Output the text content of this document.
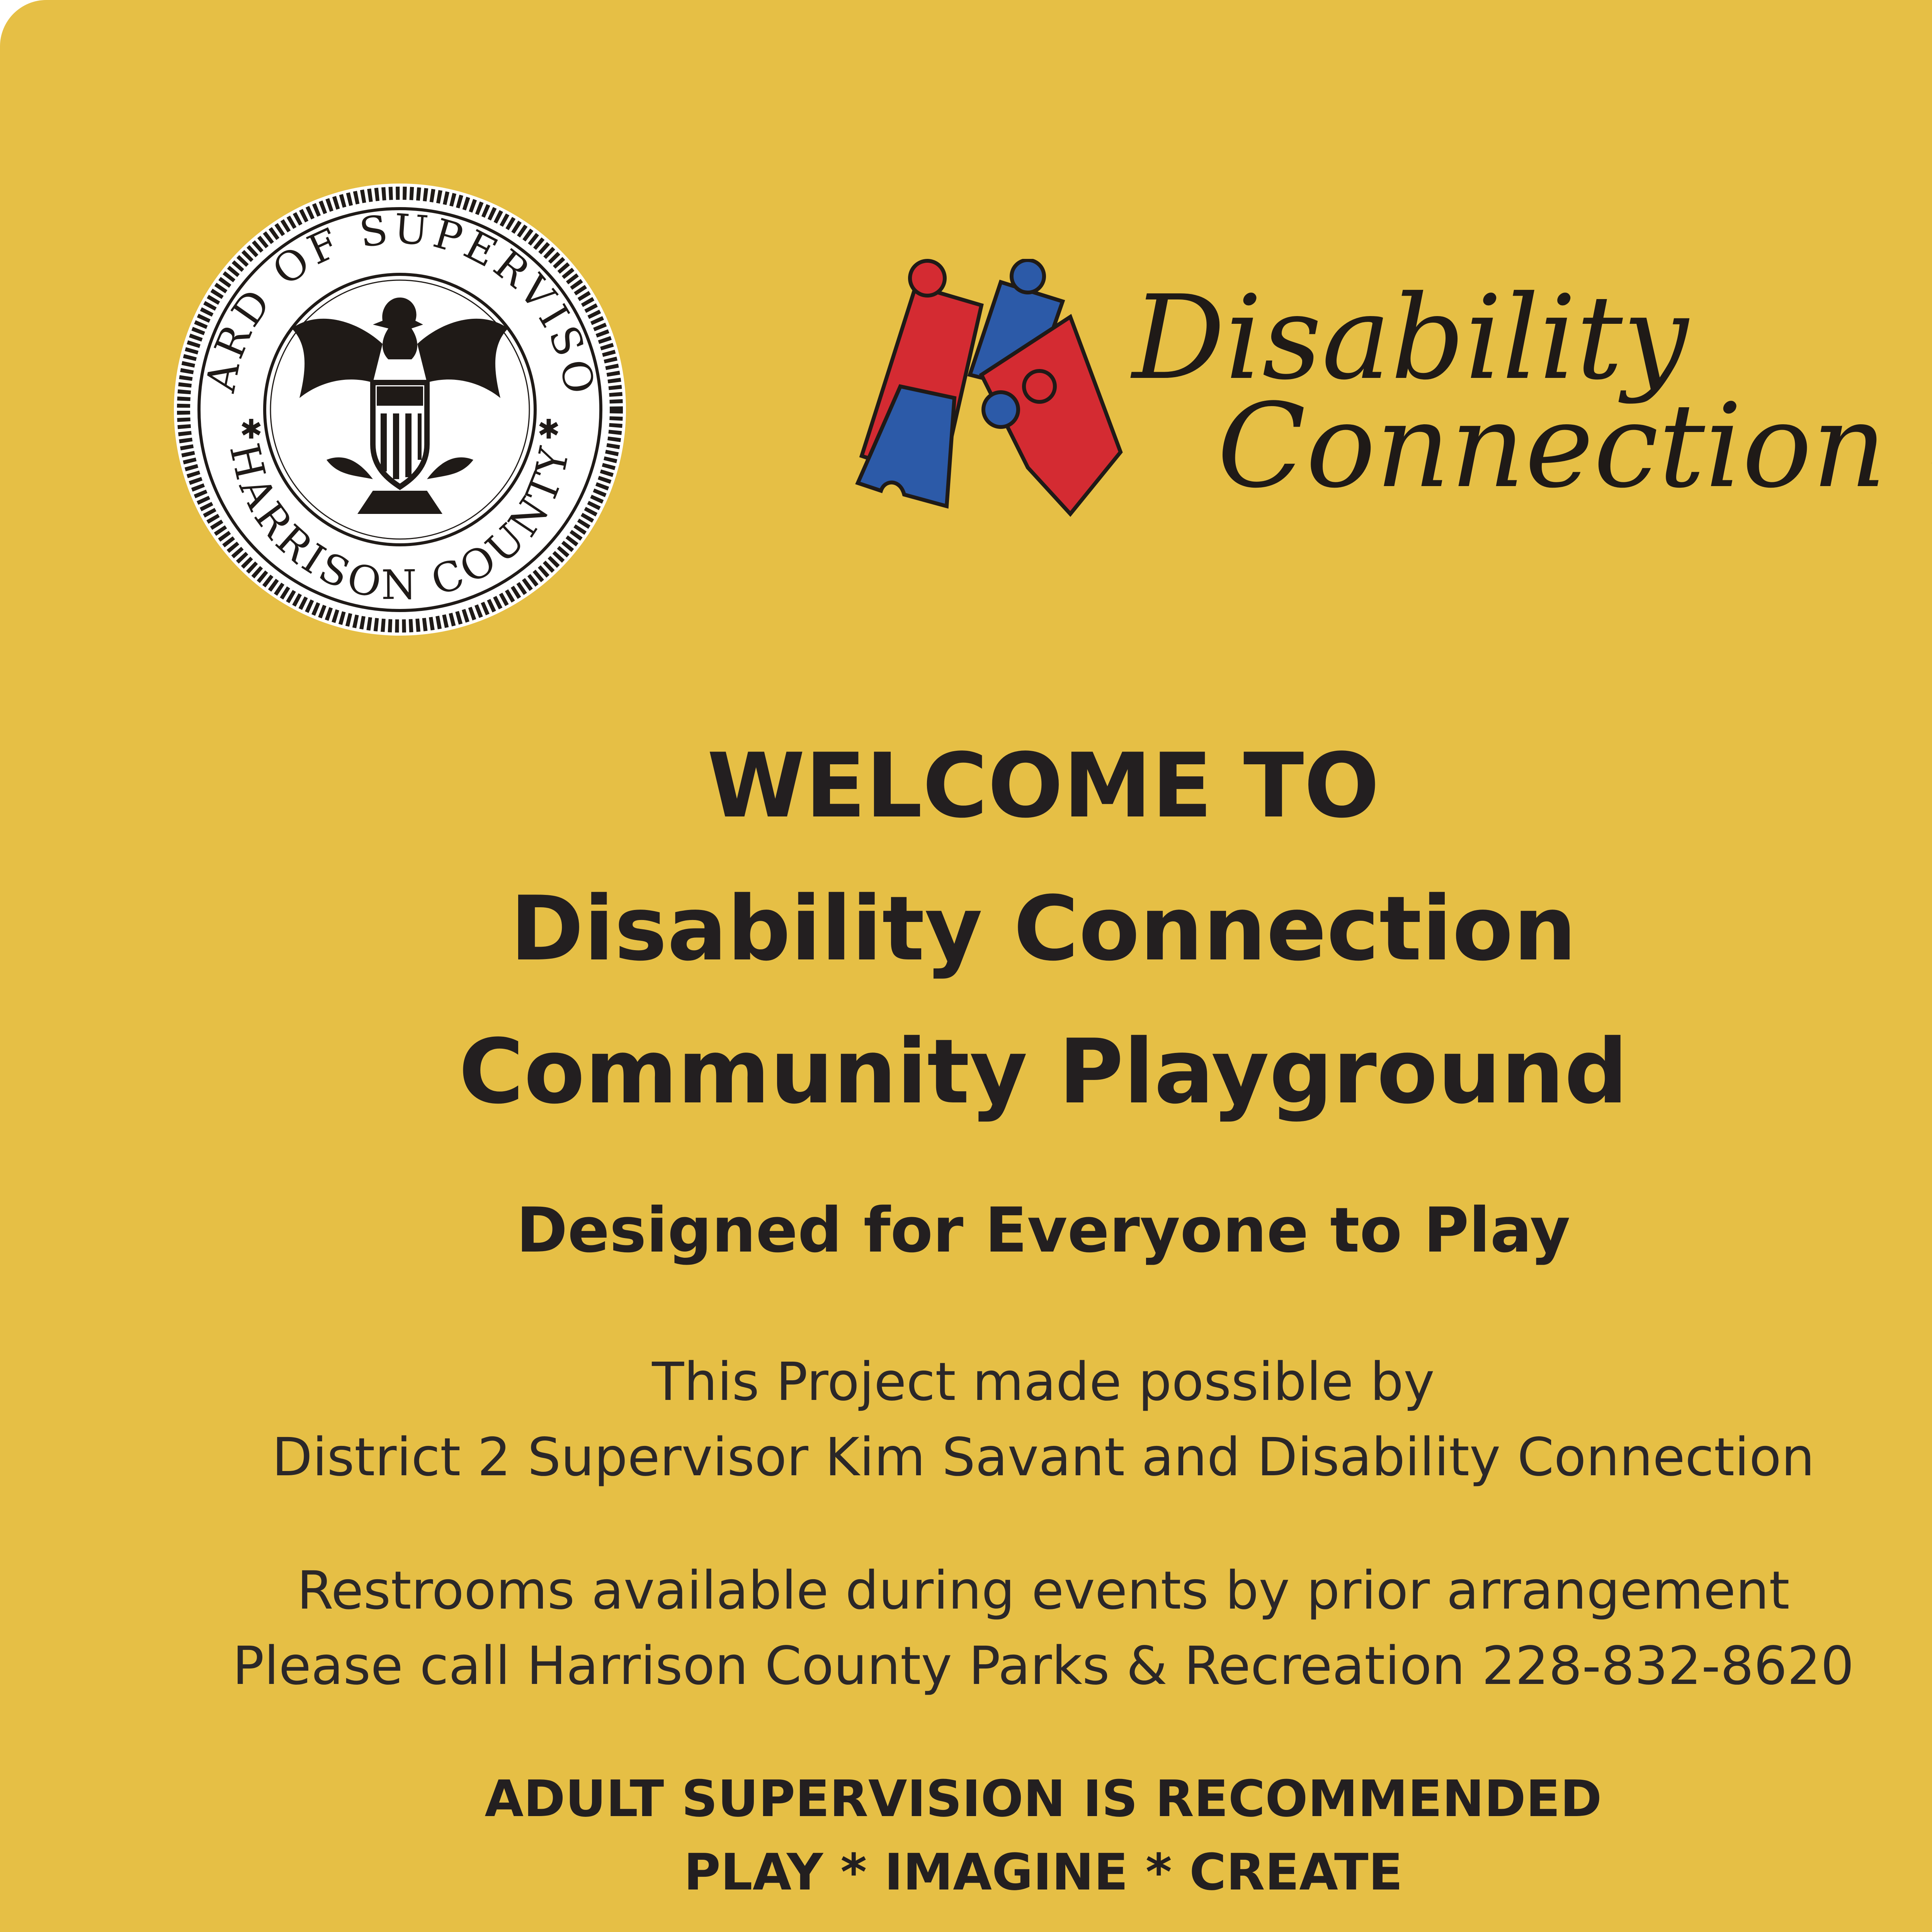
ARD OF SUPERVISO
HARRISON COUNTY
✱	✱
Disability
Connection
WELCOME TO
Disability Connection
Community Playground
Designed for Everyone to Play
This Project made possible by
District 2 Supervisor Kim Savant and Disability Connection
Restrooms available during events by prior arrangement
Please call Harrison County Parks & Recreation 228-832-8620
ADULT SUPERVISION IS RECOMMENDED
PLAY * IMAGINE * CREATE
